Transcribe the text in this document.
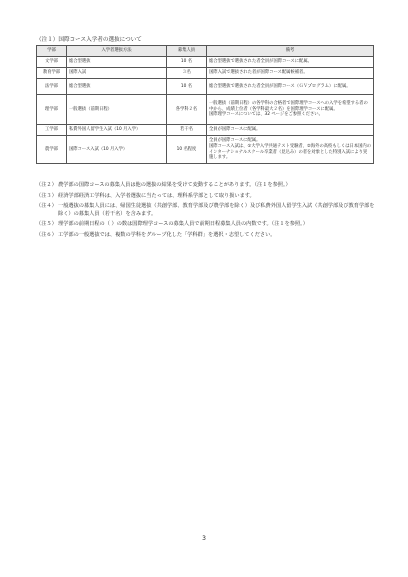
（注１）国際コース入学者の選抜について
学部	入学者選抜方法	募集人員	備考
文学部	総合型選抜	10 名	総合型選抜で選抜された者全員が国際コースに配属。

教育学部	国際入試	３名	国際入試で選抜された者が国際コース配属候補者。

法学部	総合型選抜	10 名	総合型選抜で選抜された者全員が国際コース（ＧＶプログラム）に配属。

理学部	一般選抜（前期日程）	各学科２名	一般選抜（前期日程）の各学科の合格者で国際理学コースへの入学を希望する者の中から、成績上位者（各学科最大２名）を国際理学コースに配属。
国際理学コースについては、32 ページをご参照ください。

工学部	私費外国人留学生入試（10 月入学）	若干名	全員が国際コースに配属。

農学部	国際コース入試（10 月入学）	10 名程度	全員が国際コースに配属。
国際コース入試は、①大学入学共通テスト受験者、②海外の高校もしくは日本国内のインターナショナルスクール卒業者（見込み）の者を対象とした特別入試により実施します。
（注２） 農学部の国際コースの募集人員は他の選抜の結果を受けて変動することがあります。（注１を参照。）
（注３） 経済学部経済工学科は、入学者選抜に当たっては、理科系学部として取り扱います。
（注４） 一般選抜の募集人員には、帰国生徒選抜（共創学部、教育学部及び農学部を除く）及び私費外国人留学生入試（共創学部及び教育学部を除く）の募集人員（若干名）を含みます。
（注５） 理学部の前期日程の（ ）の数は国際理学コースの募集人員で前期日程募集人員の内数です。（注１を参照。）
（注６） 工学部の一般選抜では、複数の学科をグループ化した「学科群」を選択・志望してください。
3
